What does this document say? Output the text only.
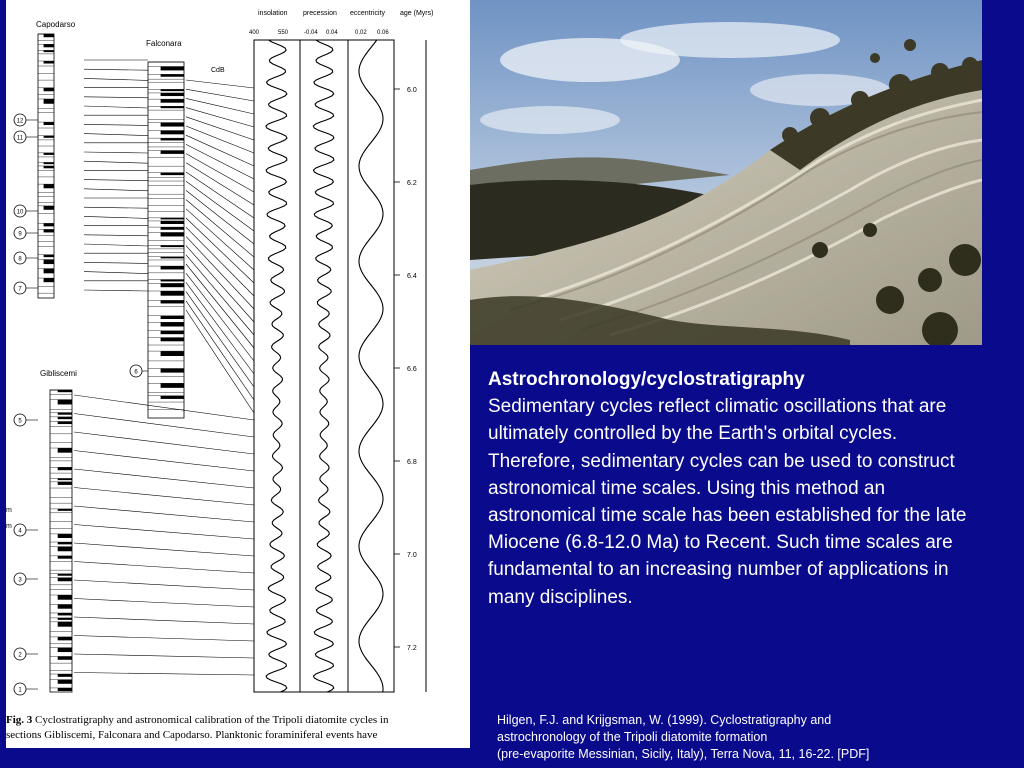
Capodarso
Falconara
Gibliscemi
CdB
insolation precession eccentricity age (Myrs)
400	550	-0.04 0.04	0.02 0.06
6.0
6.2
6.4
6.6
6.8
7.0
7.2
12
11
10
9
8
7
6
5
4
3
2
1
m
m
Fig. 3 Cyclostratigraphy and astronomical calibration of the Tripoli diatomite cycles in
sections Gibliscemi, Falconara and Capodarso. Planktonic foraminiferal events have

Astrochronology/cyclostratigraphy

Sedimentary cycles reflect climatic oscillations that are ultimately controlled by the Earth's orbital cycles.

Therefore, sedimentary cycles can be used to construct astronomical time scales. Using this method an astronomical time scale has been established for the late Miocene (6.8-12.0 Ma) to Recent. Such time scales are

fundamental to an increasing number of applications in many disciplines.

Hilgen, F.J. and Krijgsman, W. (1999). Cyclostratigraphy and

astrochronology of the Tripoli diatomite formation

(pre-evaporite Messinian, Sicily, Italy), Terra Nova, 11, 16-22. [PDF]
